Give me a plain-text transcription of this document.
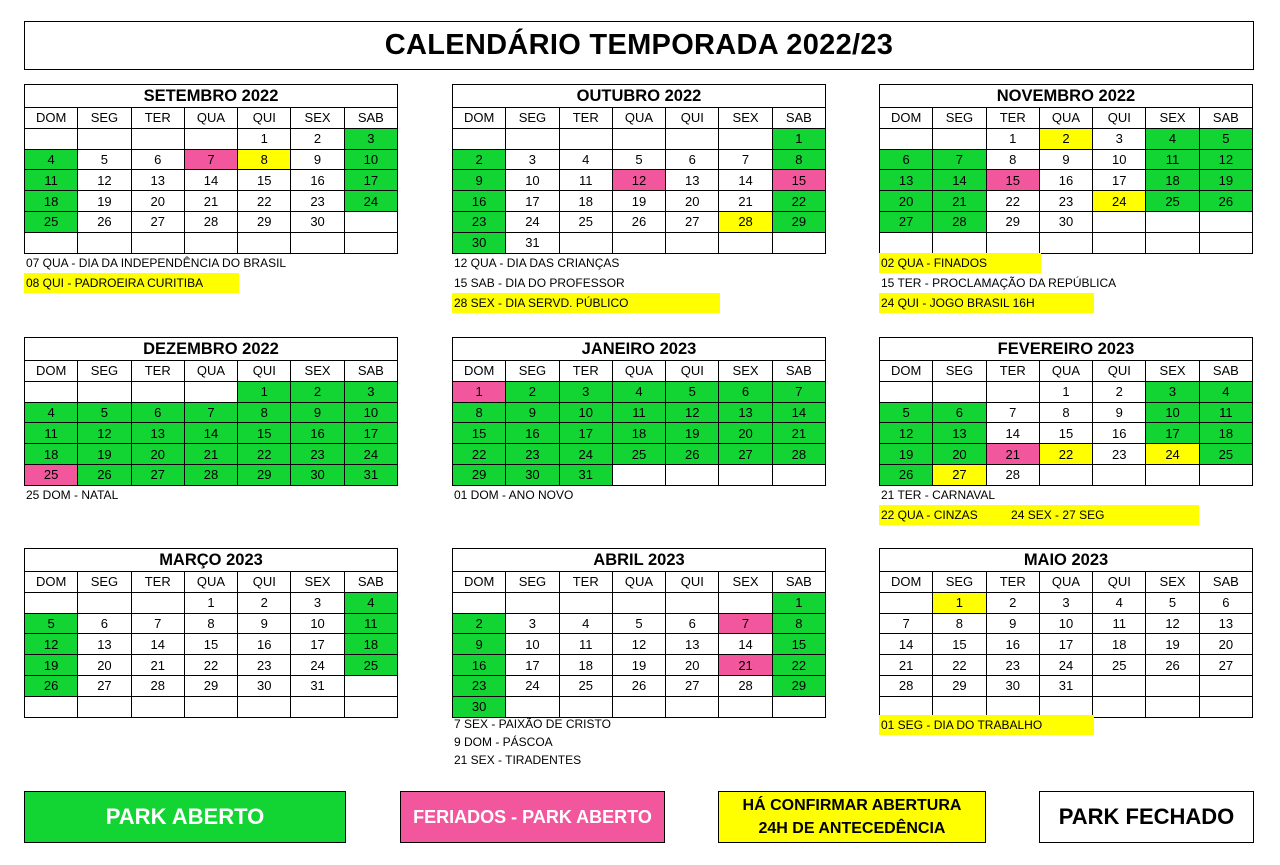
CALENDÁRIO TEMPORADA 2022/23
SETEMBRO 2022						
DOM	SEG	TER	QUA	QUI	SEX	SAB
				1	2	3
4	5	6	7	8	9	10
11	12	13	14	15	16	17
18	19	20	21	22	23	24
25	26	27	28	29	30	

07 QUA - DIA DA INDEPENDÊNCIA DO BRASIL
08 QUI - PADROEIRA CURITIBA
OUTUBRO 2022						
DOM	SEG	TER	QUA	QUI	SEX	SAB
						1
2	3	4	5	6	7	8
9	10	11	12	13	14	15
16	17	18	19	20	21	22
23	24	25	26	27	28	29
30	31					
12 QUA - DIA DAS CRIANÇAS
15 SAB - DIA DO PROFESSOR
28 SEX - DIA SERVD. PÚBLICO
NOVEMBRO 2022						
DOM	SEG	TER	QUA	QUI	SEX	SAB
		1	2	3	4	5
6	7	8	9	10	11	12
13	14	15	16	17	18	19
20	21	22	23	24	25	26
27	28	29	30			

02 QUA - FINADOS
15 TER - PROCLAMAÇÃO DA REPÚBLICA
24 QUI - JOGO BRASIL 16H
DEZEMBRO 2022						
DOM	SEG	TER	QUA	QUI	SEX	SAB
				1	2	3
4	5	6	7	8	9	10
11	12	13	14	15	16	17
18	19	20	21	22	23	24
25	26	27	28	29	30	31
25 DOM - NATAL
JANEIRO 2023						
DOM	SEG	TER	QUA	QUI	SEX	SAB
1	2	3	4	5	6	7
8	9	10	11	12	13	14
15	16	17	18	19	20	21
22	23	24	25	26	27	28
29	30	31				
01 DOM - ANO NOVO
FEVEREIRO 2023						
DOM	SEG	TER	QUA	QUI	SEX	SAB
			1	2	3	4
5	6	7	8	9	10	11
12	13	14	15	16	17	18
19	20	21	22	23	24	25
26	27	28				
21 TER - CARNAVAL
22 QUA - CINZAS          24 SEX - 27 SEG
MARÇO 2023						
DOM	SEG	TER	QUA	QUI	SEX	SAB
			1	2	3	4
5	6	7	8	9	10	11
12	13	14	15	16	17	18
19	20	21	22	23	24	25
26	27	28	29	30	31	

ABRIL 2023						
DOM	SEG	TER	QUA	QUI	SEX	SAB
						1
2	3	4	5	6	7	8
9	10	11	12	13	14	15
16	17	18	19	20	21	22
23	24	25	26	27	28	29
30						
7 SEX - PAIXÃO DE CRISTO
9 DOM - PÁSCOA
21 SEX - TIRADENTES
MAIO 2023						
DOM	SEG	TER	QUA	QUI	SEX	SAB
	1	2	3	4	5	6
7	8	9	10	11	12	13
14	15	16	17	18	19	20
21	22	23	24	25	26	27
28	29	30	31			

01 SEG - DIA DO TRABALHO
PARK ABERTO	FERIADOS - PARK ABERTO
HÁ CONFIRMAR ABERTURA
24H DE ANTECEDÊNCIA	PARK FECHADO
